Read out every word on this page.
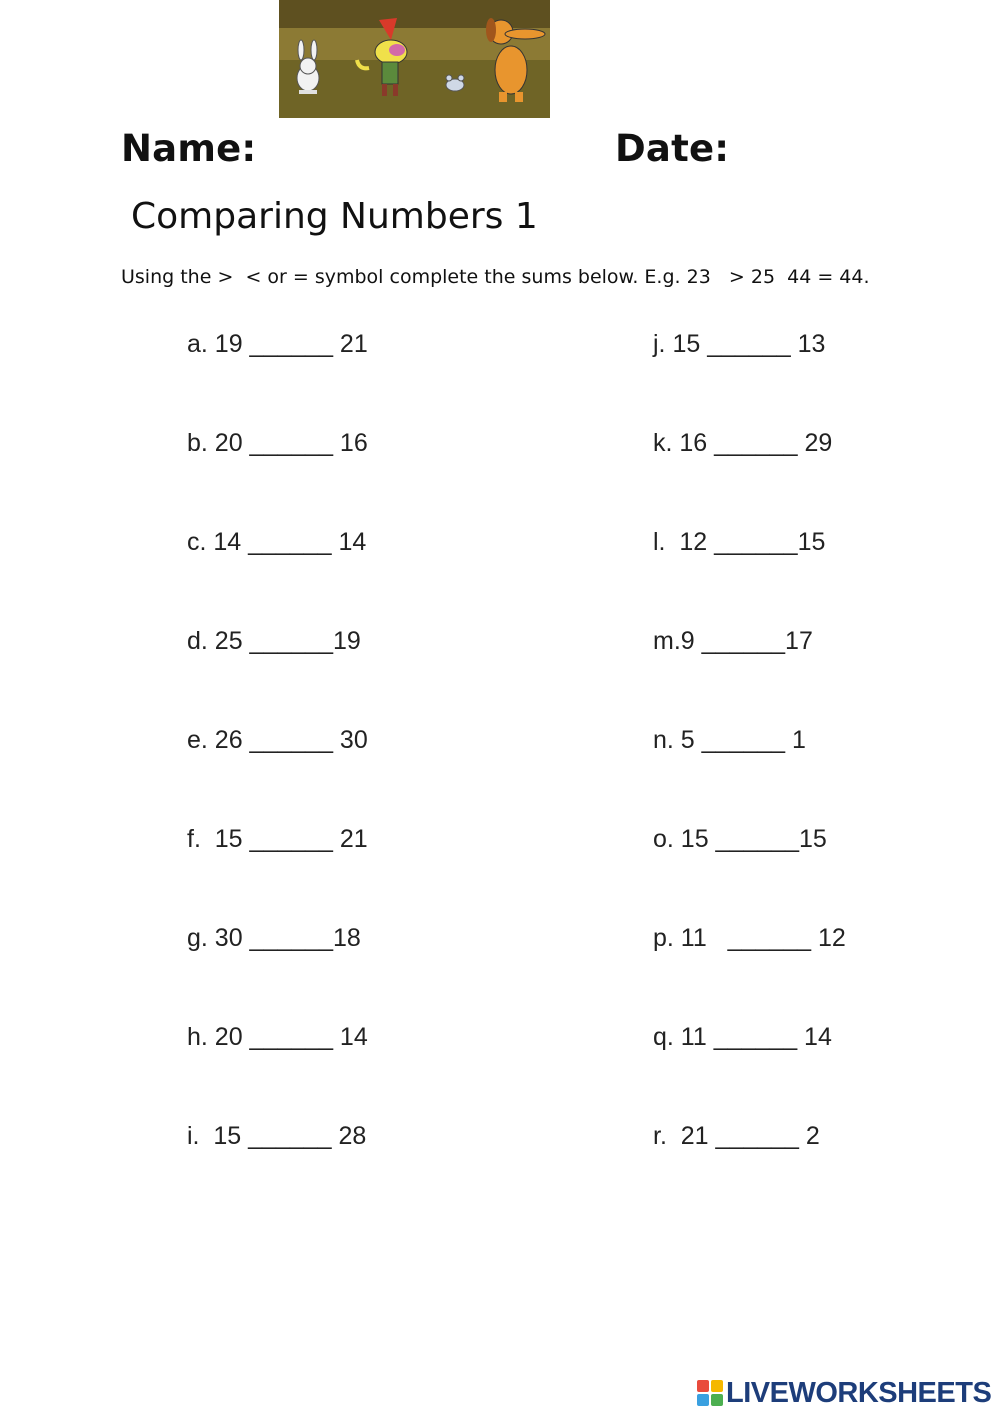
Name:	Date:
Comparing Numbers 1
Using the >  < or = symbol complete the sums below. E.g. 23   > 25  44 = 44.
a. 19 ______ 21
b. 20 ______ 16
c. 14 ______ 14
d. 25 ______19
e. 26 ______ 30
f.  15 ______ 21
g. 30 ______18
h. 20 ______ 14
i.  15 ______ 28
j. 15 ______ 13
k. 16 ______ 29
l.  12 ______15
m.9 ______17
n. 5 ______ 1
o. 15 ______15
p. 11   ______ 12
q. 11 ______ 14
r.  21 ______ 2
LIVEWORKSHEETS
